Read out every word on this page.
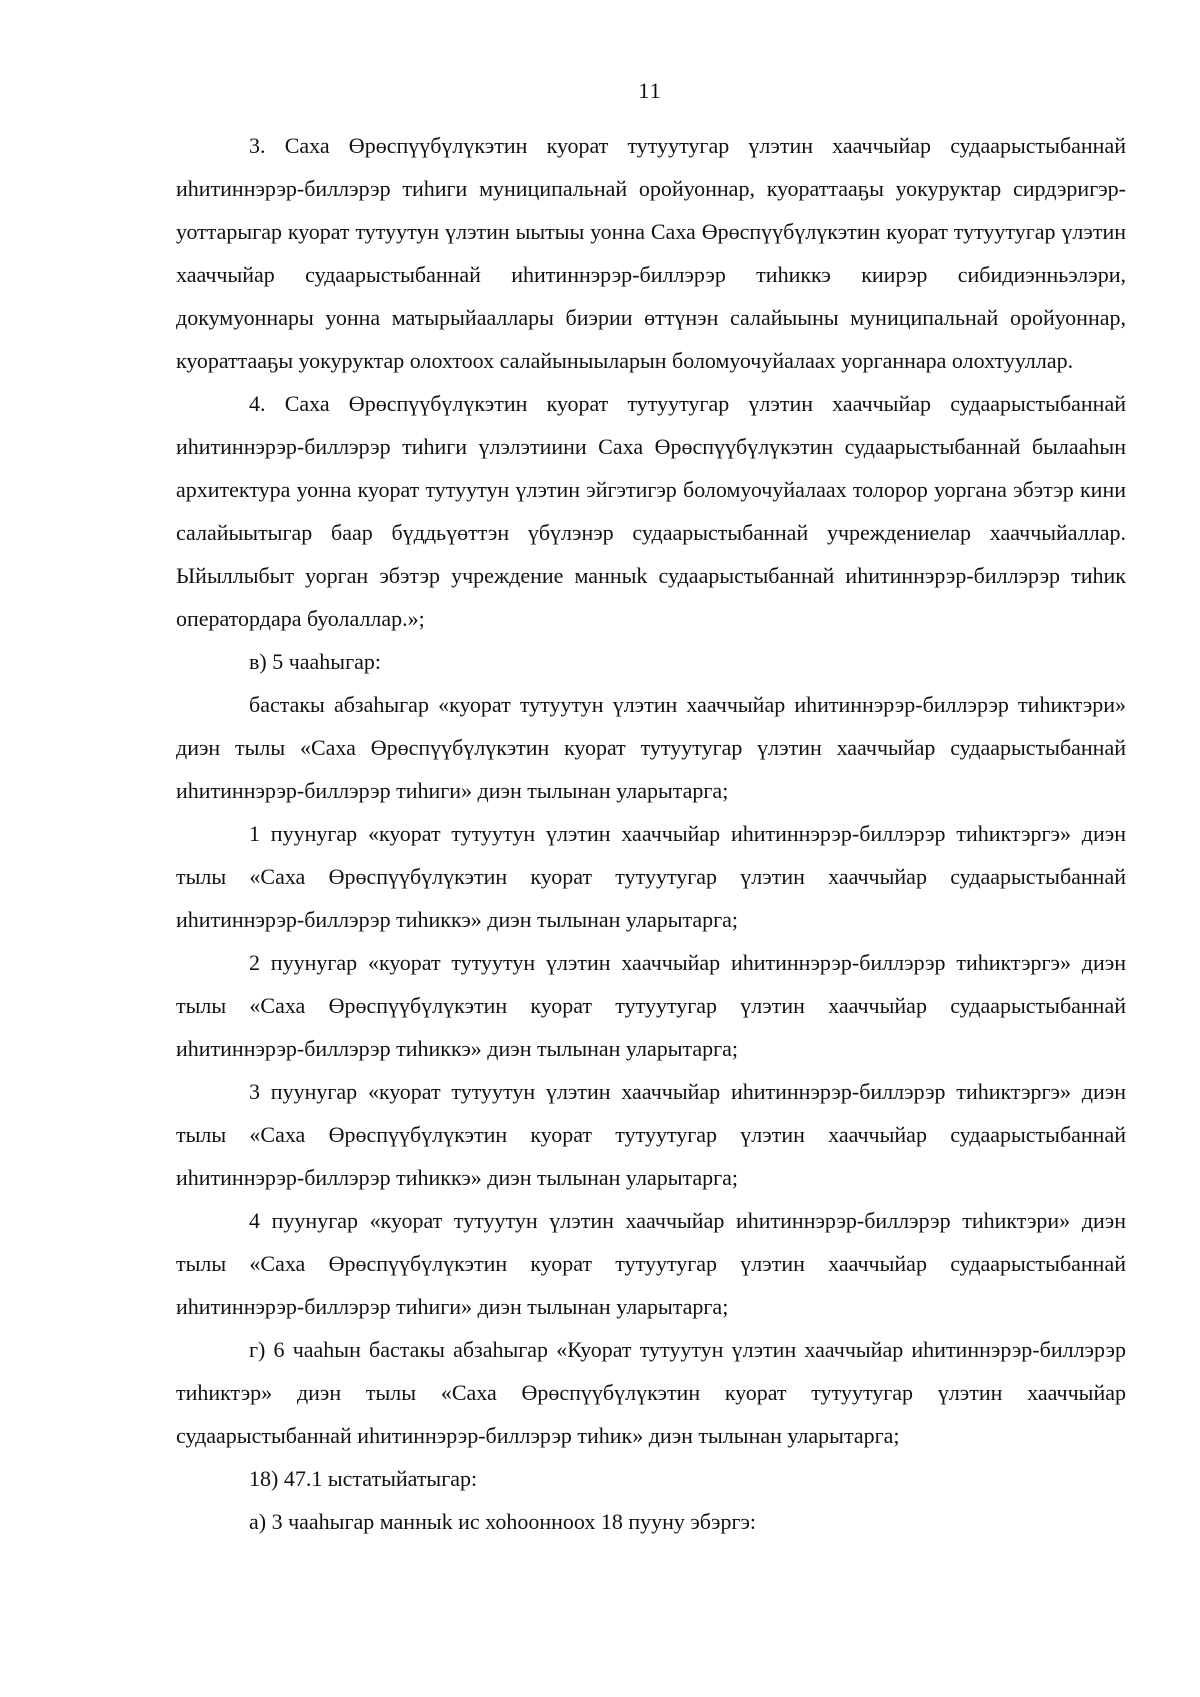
11

3. Саха Өрөспүүбүлүкэтин куорат тутуутугар үлэтин хааччыйар судаарыстыбаннай иһитиннэрэр-биллэрэр тиһиги муниципальнай оройуоннар, куораттааҕы уокуруктар сирдэригэр-уоттарыгар куорат тутуутун үлэтин ыытыы уонна Саха Өрөспүүбүлүкэтин куорат тутуутугар үлэтин хааччыйар судаарыстыбаннай иһитиннэрэр-биллэрэр тиһиккэ киирэр сибидиэнньэлэри, докумуоннары уонна матырыйааллары биэрии өттүнэн салайыыны муниципальнай оройуоннар, куораттааҕы уокуруктар олохтоох салайыныыларын боломуочуйалаах уорганнара олохтууллар.

4. Саха Өрөспүүбүлүкэтин куорат тутуутугар үлэтин хааччыйар судаарыстыбаннай иһитиннэрэр-биллэрэр тиһиги үлэлэтиини Саха Өрөспүүбүлүкэтин судаарыстыбаннай былааһын архитектура уонна куорат тутуутун үлэтин эйгэтигэр боломуочуйалаах толорор уоргана эбэтэр кини салайыытыгар баар бүддьүөттэн үбүлэнэр судаарыстыбаннай учреждениелар хааччыйаллар. Ыйыллыбыт уорган эбэтэр учреждение манныk судаарыстыбаннай иһитиннэрэр-биллэрэр тиһик оператордара буолаллар.»;

в) 5 чааһыгар:

бастакы абзаһыгар «куорат тутуутун үлэтин хааччыйар иһитиннэрэр-биллэрэр тиһиктэри» диэн тылы «Саха Өрөспүүбүлүкэтин куорат тутуутугар үлэтин хааччыйар судаарыстыбаннай иһитиннэрэр-биллэрэр тиһиги» диэн тылынан уларытарга;

1 пуунугар «куорат тутуутун үлэтин хааччыйар иһитиннэрэр-биллэрэр тиһиктэргэ» диэн тылы «Саха Өрөспүүбүлүкэтин куорат тутуутугар үлэтин хааччыйар судаарыстыбаннай иһитиннэрэр-биллэрэр тиһиккэ» диэн тылынан уларытарга;

2 пуунугар «куорат тутуутун үлэтин хааччыйар иһитиннэрэр-биллэрэр тиһиктэргэ» диэн тылы «Саха Өрөспүүбүлүкэтин куорат тутуутугар үлэтин хааччыйар судаарыстыбаннай иһитиннэрэр-биллэрэр тиһиккэ» диэн тылынан уларытарга;

3 пуунугар «куорат тутуутун үлэтин хааччыйар иһитиннэрэр-биллэрэр тиһиктэргэ» диэн тылы «Саха Өрөспүүбүлүкэтин куорат тутуутугар үлэтин хааччыйар судаарыстыбаннай иһитиннэрэр-биллэрэр тиһиккэ» диэн тылынан уларытарга;

4 пуунугар «куорат тутуутун үлэтин хааччыйар иһитиннэрэр-биллэрэр тиһиктэри» диэн тылы «Саха Өрөспүүбүлүкэтин куорат тутуутугар үлэтин хааччыйар судаарыстыбаннай иһитиннэрэр-биллэрэр тиһиги» диэн тылынан уларытарга;

г) 6 чааһын бастакы абзаһыгар «Куорат тутуутун үлэтин хааччыйар иһитиннэрэр-биллэрэр тиһиктэр» диэн тылы «Саха Өрөспүүбүлүкэтин куорат тутуутугар үлэтин хааччыйар судаарыстыбаннай иһитиннэрэр-биллэрэр тиһик» диэн тылынан уларытарга;

18) 47.1 ыстатыйатыгар:

а) 3 чааһыгар манныk ис хоһоонноох 18 пууну эбэргэ:
